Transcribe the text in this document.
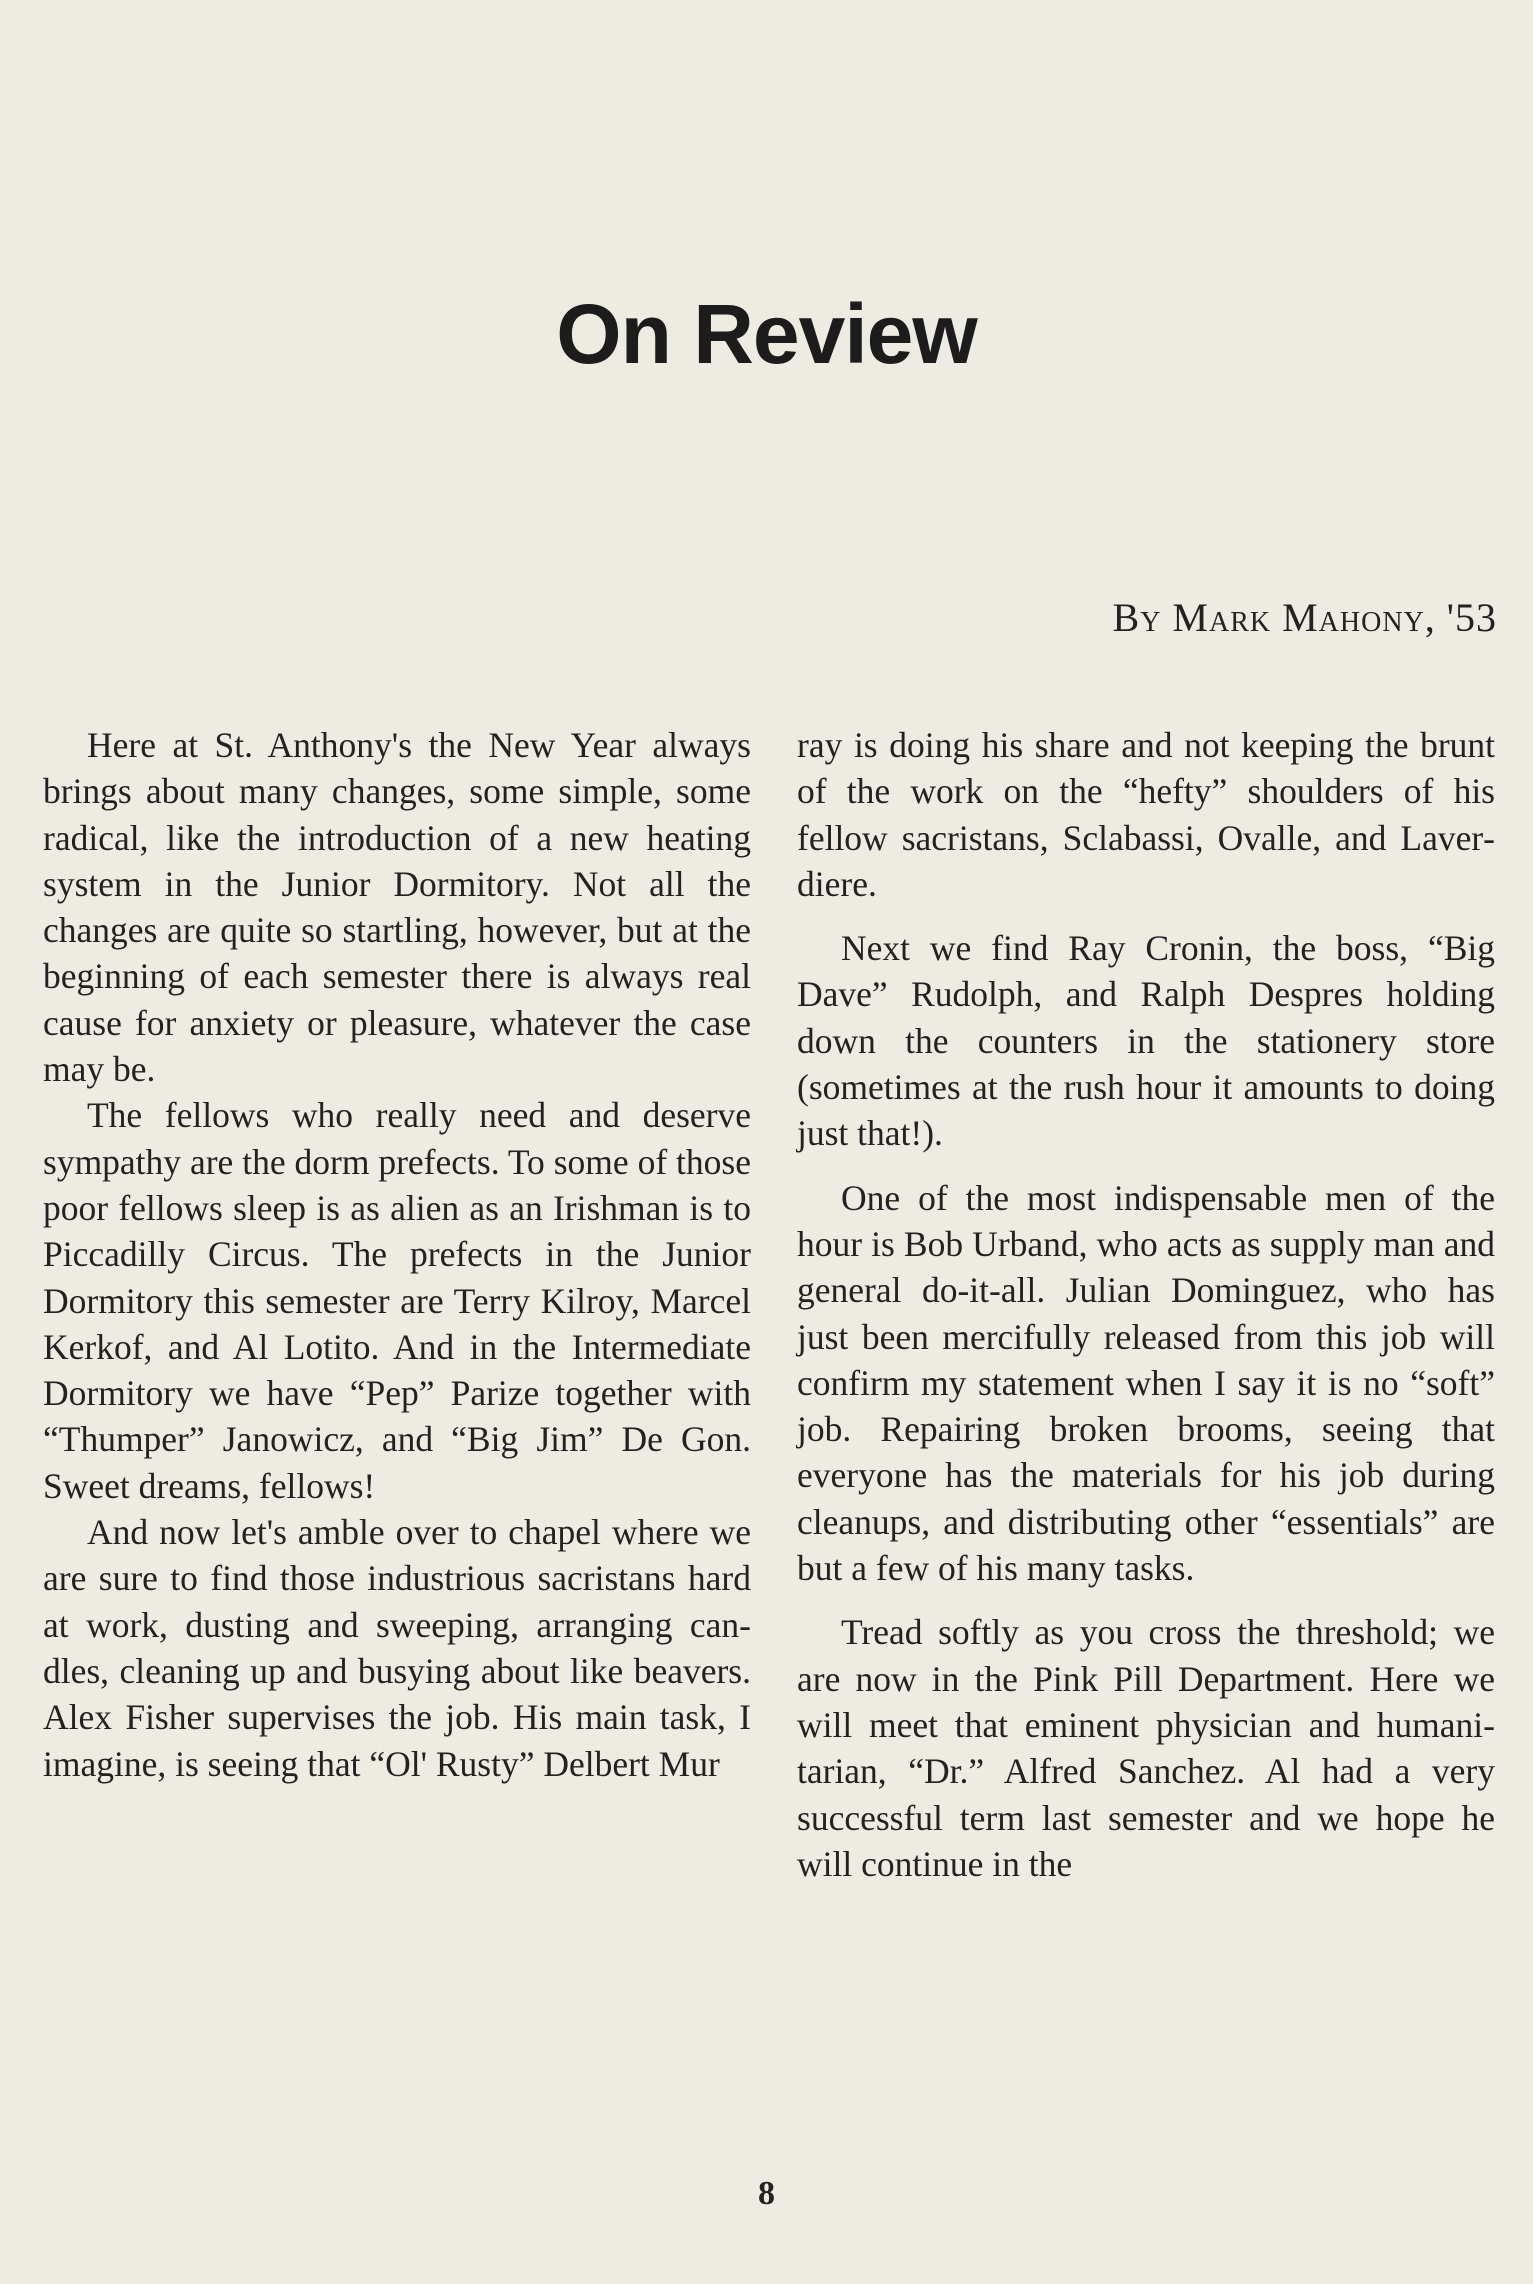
On Review

By Mark Mahony, '53

Here at St. Anthony's the New Year always brings about many changes, some simple, some radical, like the introduction of a new heating system in the Junior Dormitory. Not all the changes are quite so startling, however, but at the beginning of each semester there is always real cause for anxiety or pleasure, whatever the case may be.

The fellows who really need and deserve sympathy are the dorm prefects. To some of those poor fellows sleep is as alien as an Irishman is to Piccadilly Circus. The prefects in the Junior Dormitory this semester are Terry Kilroy, Marcel Kerkof, and Al Lotito. And in the Intermediate Dormitory we have “Pep” Parize together with “Thumper” Janowicz, and “Big Jim” De Gon. Sweet dreams, fellows!

And now let's amble over to chapel where we are sure to find those industrious sacristans hard at work, dusting and sweeping, arranging candles, cleaning up and busying about like beavers. Alex Fisher supervises the job. His main task, I imagine, is seeing that “Ol' Rusty” Delbert Mur

ray is doing his share and not keeping the brunt of the work on the “hefty” shoulders of his fellow sacristans, Sclabassi, Ovalle, and Laverdiere.

Next we find Ray Cronin, the boss, “Big Dave” Rudolph, and Ralph Despres holding down the counters in the stationery store (sometimes at the rush hour it amounts to doing just that!).

One of the most indispensable men of the hour is Bob Urband, who acts as supply man and general do-it-all. Julian Dominguez, who has just been mercifully released from this job will confirm my statement when I say it is no “soft” job. Repairing broken brooms, seeing that everyone has the materials for his job during cleanups, and distributing other “essentials” are but a few of his many tasks.

Tread softly as you cross the threshold; we are now in the Pink Pill Department. Here we will meet that eminent physician and humanitarian, “Dr.” Alfred Sanchez. Al had a very successful term last semester and we hope he will continue in the

8
